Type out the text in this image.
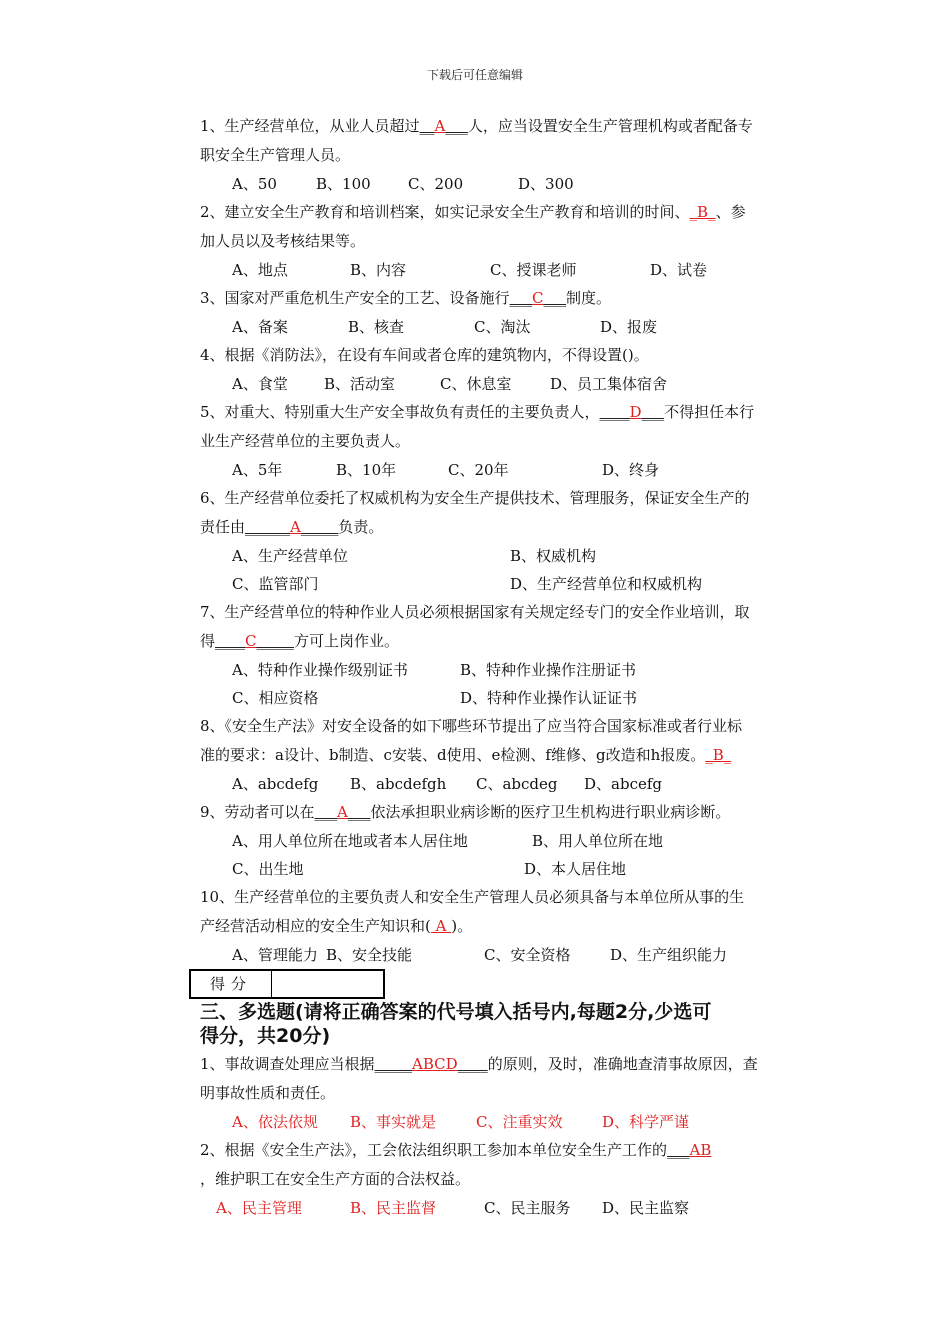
下载后可任意编辑
1、生产经营单位，从业人员超过__A___人，应当设置安全生产管理机构或者配备专
职安全生产管理人员。
A、50	B、100 C、200	D、300
2、建立安全生产教育和培训档案，如实记录安全生产教育和培训的时间、_B_、参
加人员以及考核结果等。
A、地点	B、内容	C、授课老师	D、试卷
3、国家对严重危机生产安全的工艺、设备施行___C___制度。
A、备案	B、核查	C、淘汰	D、报废
4、根据《消防法》，在设有车间或者仓库的建筑物内，不得设置()。
A、食堂 B、活动室	C、休息室	D、员工集体宿舍
5、对重大、特别重大生产安全事故负有责任的主要负责人，____D___不得担任本行
业生产经营单位的主要负责人。
A、5年	B、10年	C、20年	D、终身
6、生产经营单位委托了权威机构为安全生产提供技术、管理服务，保证安全生产的
责任由______A_____负责。
A、生产经营单位	B、权威机构
C、监管部门	D、生产经营单位和权威机构
7、生产经营单位的特种作业人员必须根据国家有关规定经专门的安全作业培训，取
得____C_____方可上岗作业。
A、特种作业操作级别证书	B、特种作业操作注册证书
C、相应资格	D、特种作业操作认证证书
8、《安全生产法》对安全设备的如下哪些环节提出了应当符合国家标准或者行业标
准的要求：a设计、b制造、c安装、d使用、e检测、f维修、g改造和h报废。_B_
A、abcdefg B、abcdefgh C、abcdeg D、abcefg
9、劳动者可以在___A___依法承担职业病诊断的医疗卫生机构进行职业病诊断。
A、用人单位所在地或者本人居住地	B、用人单位所在地
C、出生地	D、本人居住地
10、生产经营单位的主要负责人和安全生产管理人员必须具备与本单位所从事的生
产经营活动相应的安全生产知识和( A )。
A、管理能力 B、安全技能	C、安全资格	D、生产组织能力
得分
三、多选题(请将正确答案的代号填入括号内,每题2分,少选可
得分，共20分)
1、事故调查处理应当根据_____ABCD____的原则，及时，准确地查清事故原因，查
明事故性质和责任。
A、依法依规 B、事实就是	C、注重实效	D、科学严谨
2、根据《安全生产法》，工会依法组织职工参加本单位安全生产工作的___AB
，维护职工在安全生产方面的合法权益。
A、民主管理	B、民主监督	C、民主服务 D、民主监察
